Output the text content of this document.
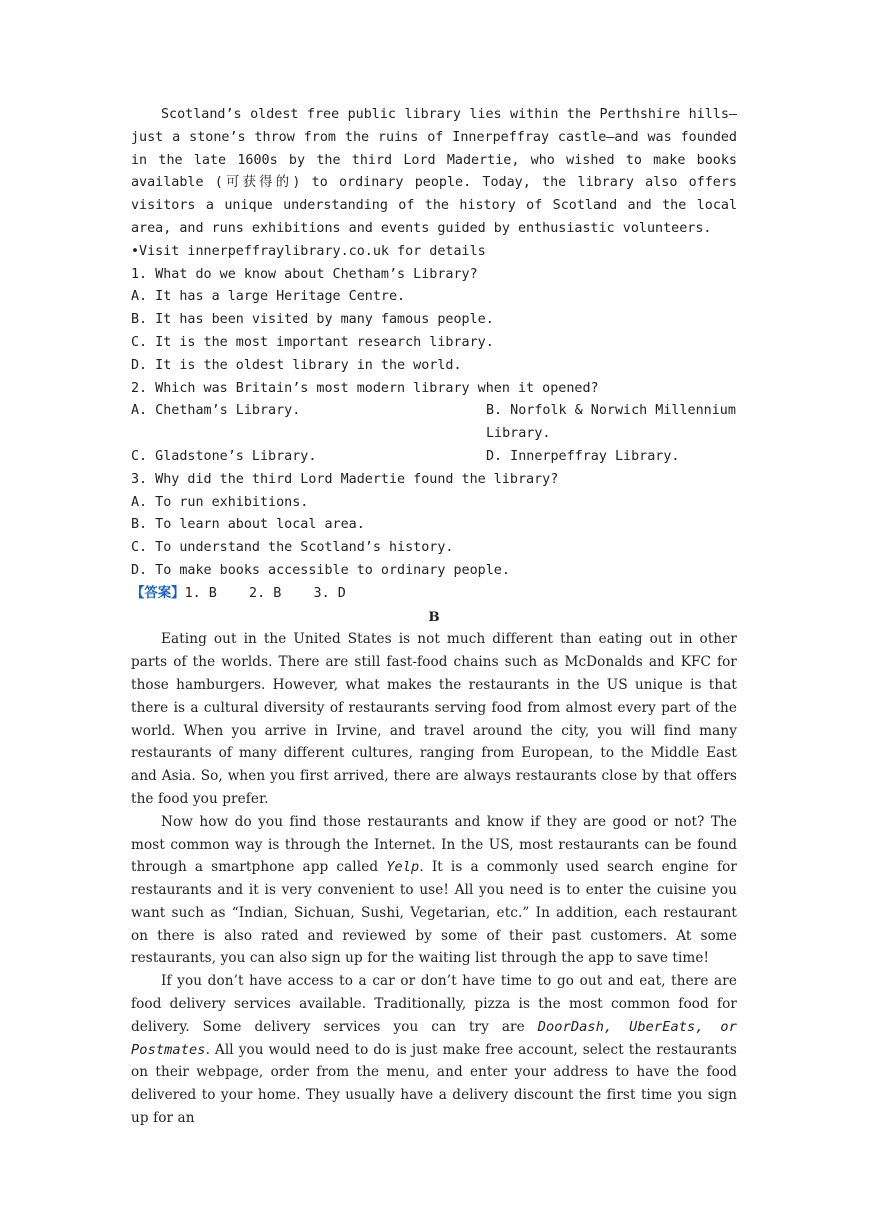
Scotland’s oldest free public library lies within the Perthshire hills—just a stone’s throw from the ruins of Innerpeffray castle—and was founded in the late 1600s by the third Lord Madertie, who wished to make books available (可获得的) to ordinary people. Today, the library also offers visitors a unique understanding of the history of Scotland and the local area, and runs exhibitions and events guided by enthusiastic volunteers.

•Visit innerpeffraylibrary.co.uk for details

1. What do we know about Chetham’s Library?

A. It has a large Heritage Centre.

B. It has been visited by many famous people.

C. It is the most important research library.

D. It is the oldest library in the world.

2. Which was Britain’s most modern library when it opened?

A. Chetham’s Library.	B. Norfolk & Norwich Millennium Library.
C. Gladstone’s Library.	D. Innerpeffray Library.

3. Why did the third Lord Madertie found the library?

A. To run exhibitions.

B. To learn about local area.

C. To understand the Scotland’s history.

D. To make books accessible to ordinary people.

【答案】1. B    2. B    3. D

B

Eating out in the United States is not much different than eating out in other parts of the worlds. There are still fast-food chains such as McDonalds and KFC for those hamburgers. However, what makes the restaurants in the US unique is that there is a cultural diversity of restaurants serving food from almost every part of the world. When you arrive in Irvine, and travel around the city, you will find many restaurants of many different cultures, ranging from European, to the Middle East and Asia. So, when you first arrived, there are always restaurants close by that offers the food you prefer.

Now how do you find those restaurants and know if they are good or not? The most common way is through the Internet. In the US, most restaurants can be found through a smartphone app called Yelp. It is a commonly used search engine for restaurants and it is very convenient to use! All you need is to enter the cuisine you want such as “Indian, Sichuan, Sushi, Vegetarian, etc.” In addition, each restaurant on there is also rated and reviewed by some of their past customers. At some restaurants, you can also sign up for the waiting list through the app to save time!

If you don’t have access to a car or don’t have time to go out and eat, there are food delivery services available. Traditionally, pizza is the most common food for delivery. Some delivery services you can try are DoorDash, UberEats, or Postmates. All you would need to do is just make free account, select the restaurants on their webpage, order from the menu, and enter your address to have the food delivered to your home. They usually have a delivery discount the first time you sign up for an
